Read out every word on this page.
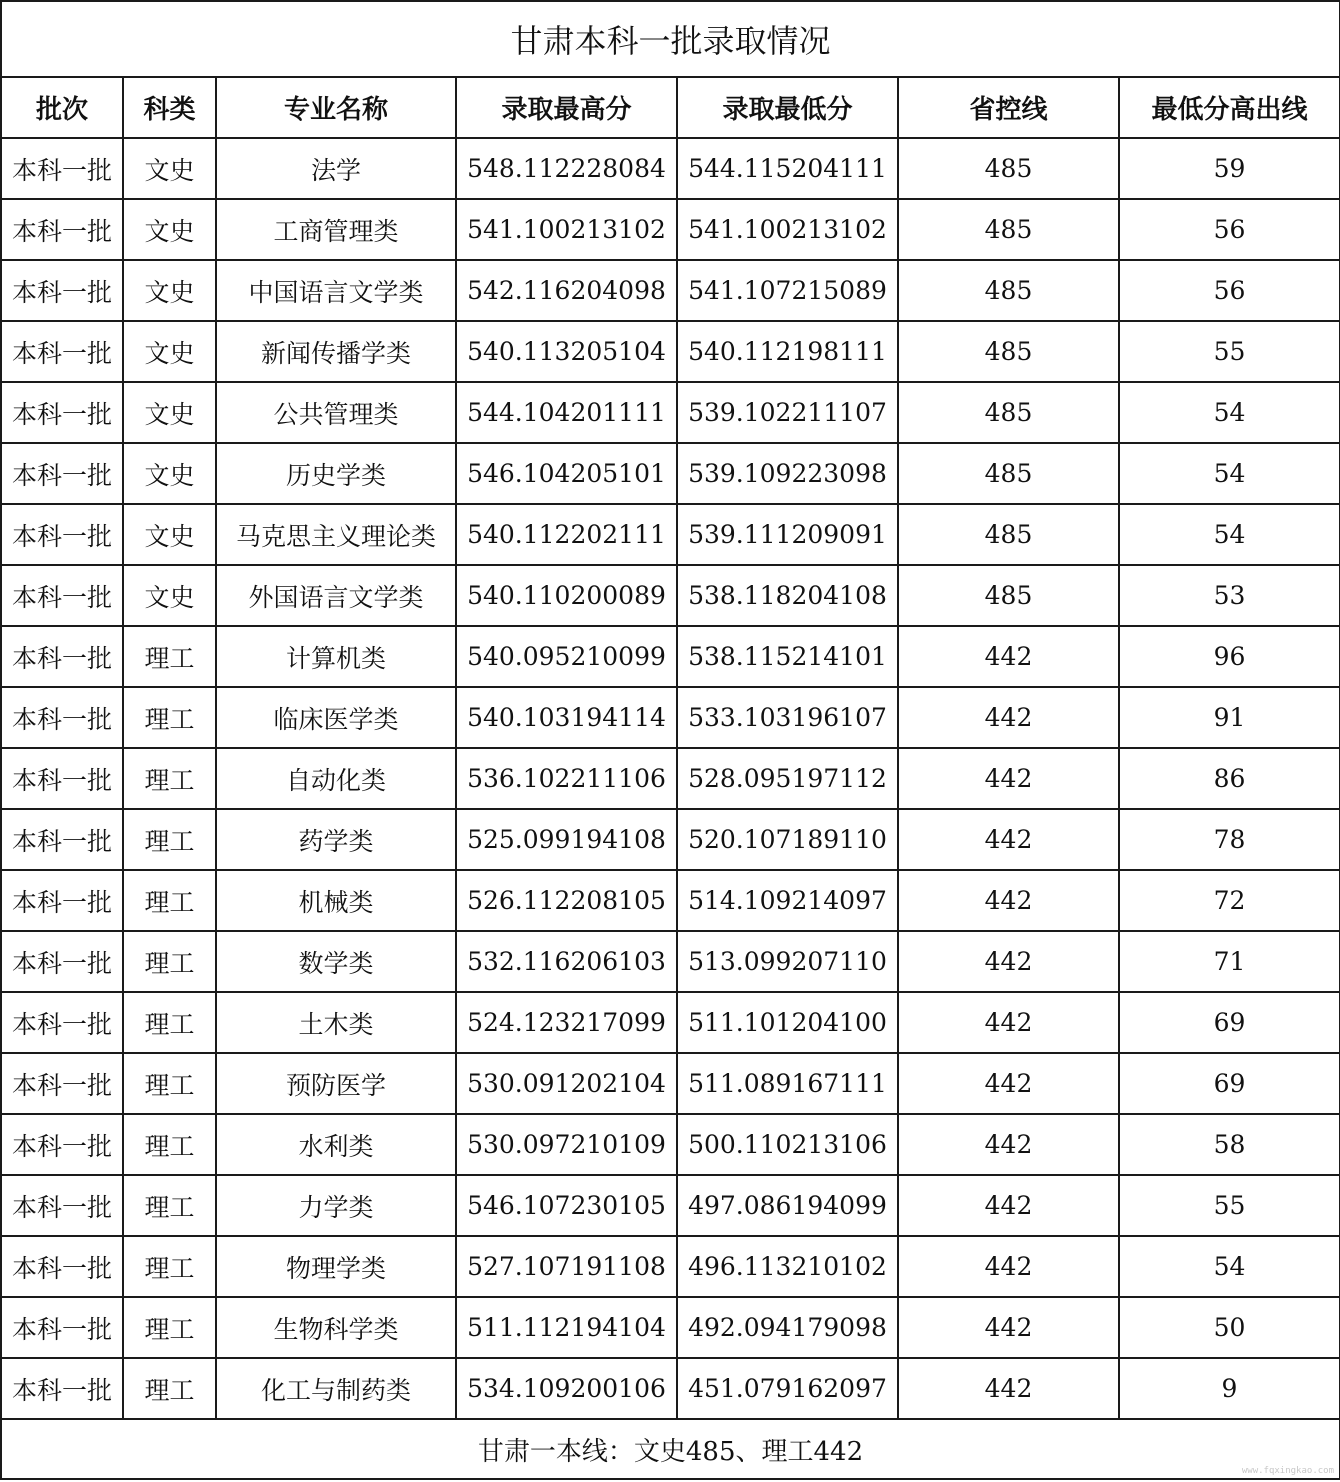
甘肃本科一批录取情况						
批次	科类	专业名称	录取最高分	录取最低分	省控线	最低分高出线
本科一批	文史	法学	548.112228084	544.115204111	485	59
本科一批	文史	工商管理类	541.100213102	541.100213102	485	56
本科一批	文史	中国语言文学类	542.116204098	541.107215089	485	56
本科一批	文史	新闻传播学类	540.113205104	540.112198111	485	55
本科一批	文史	公共管理类	544.104201111	539.102211107	485	54
本科一批	文史	历史学类	546.104205101	539.109223098	485	54
本科一批	文史	马克思主义理论类	540.112202111	539.111209091	485	54
本科一批	文史	外国语言文学类	540.110200089	538.118204108	485	53
本科一批	理工	计算机类	540.095210099	538.115214101	442	96
本科一批	理工	临床医学类	540.103194114	533.103196107	442	91
本科一批	理工	自动化类	536.102211106	528.095197112	442	86
本科一批	理工	药学类	525.099194108	520.107189110	442	78
本科一批	理工	机械类	526.112208105	514.109214097	442	72
本科一批	理工	数学类	532.116206103	513.099207110	442	71
本科一批	理工	土木类	524.123217099	511.101204100	442	69
本科一批	理工	预防医学	530.091202104	511.089167111	442	69
本科一批	理工	水利类	530.097210109	500.110213106	442	58
本科一批	理工	力学类	546.107230105	497.086194099	442	55
本科一批	理工	物理学类	527.107191108	496.113210102	442	54
本科一批	理工	生物科学类	511.112194104	492.094179098	442	50
本科一批	理工	化工与制药类	534.109200106	451.079162097	442	9
甘肃一本线：文史485、理工442						
www.fqxingkao.com
